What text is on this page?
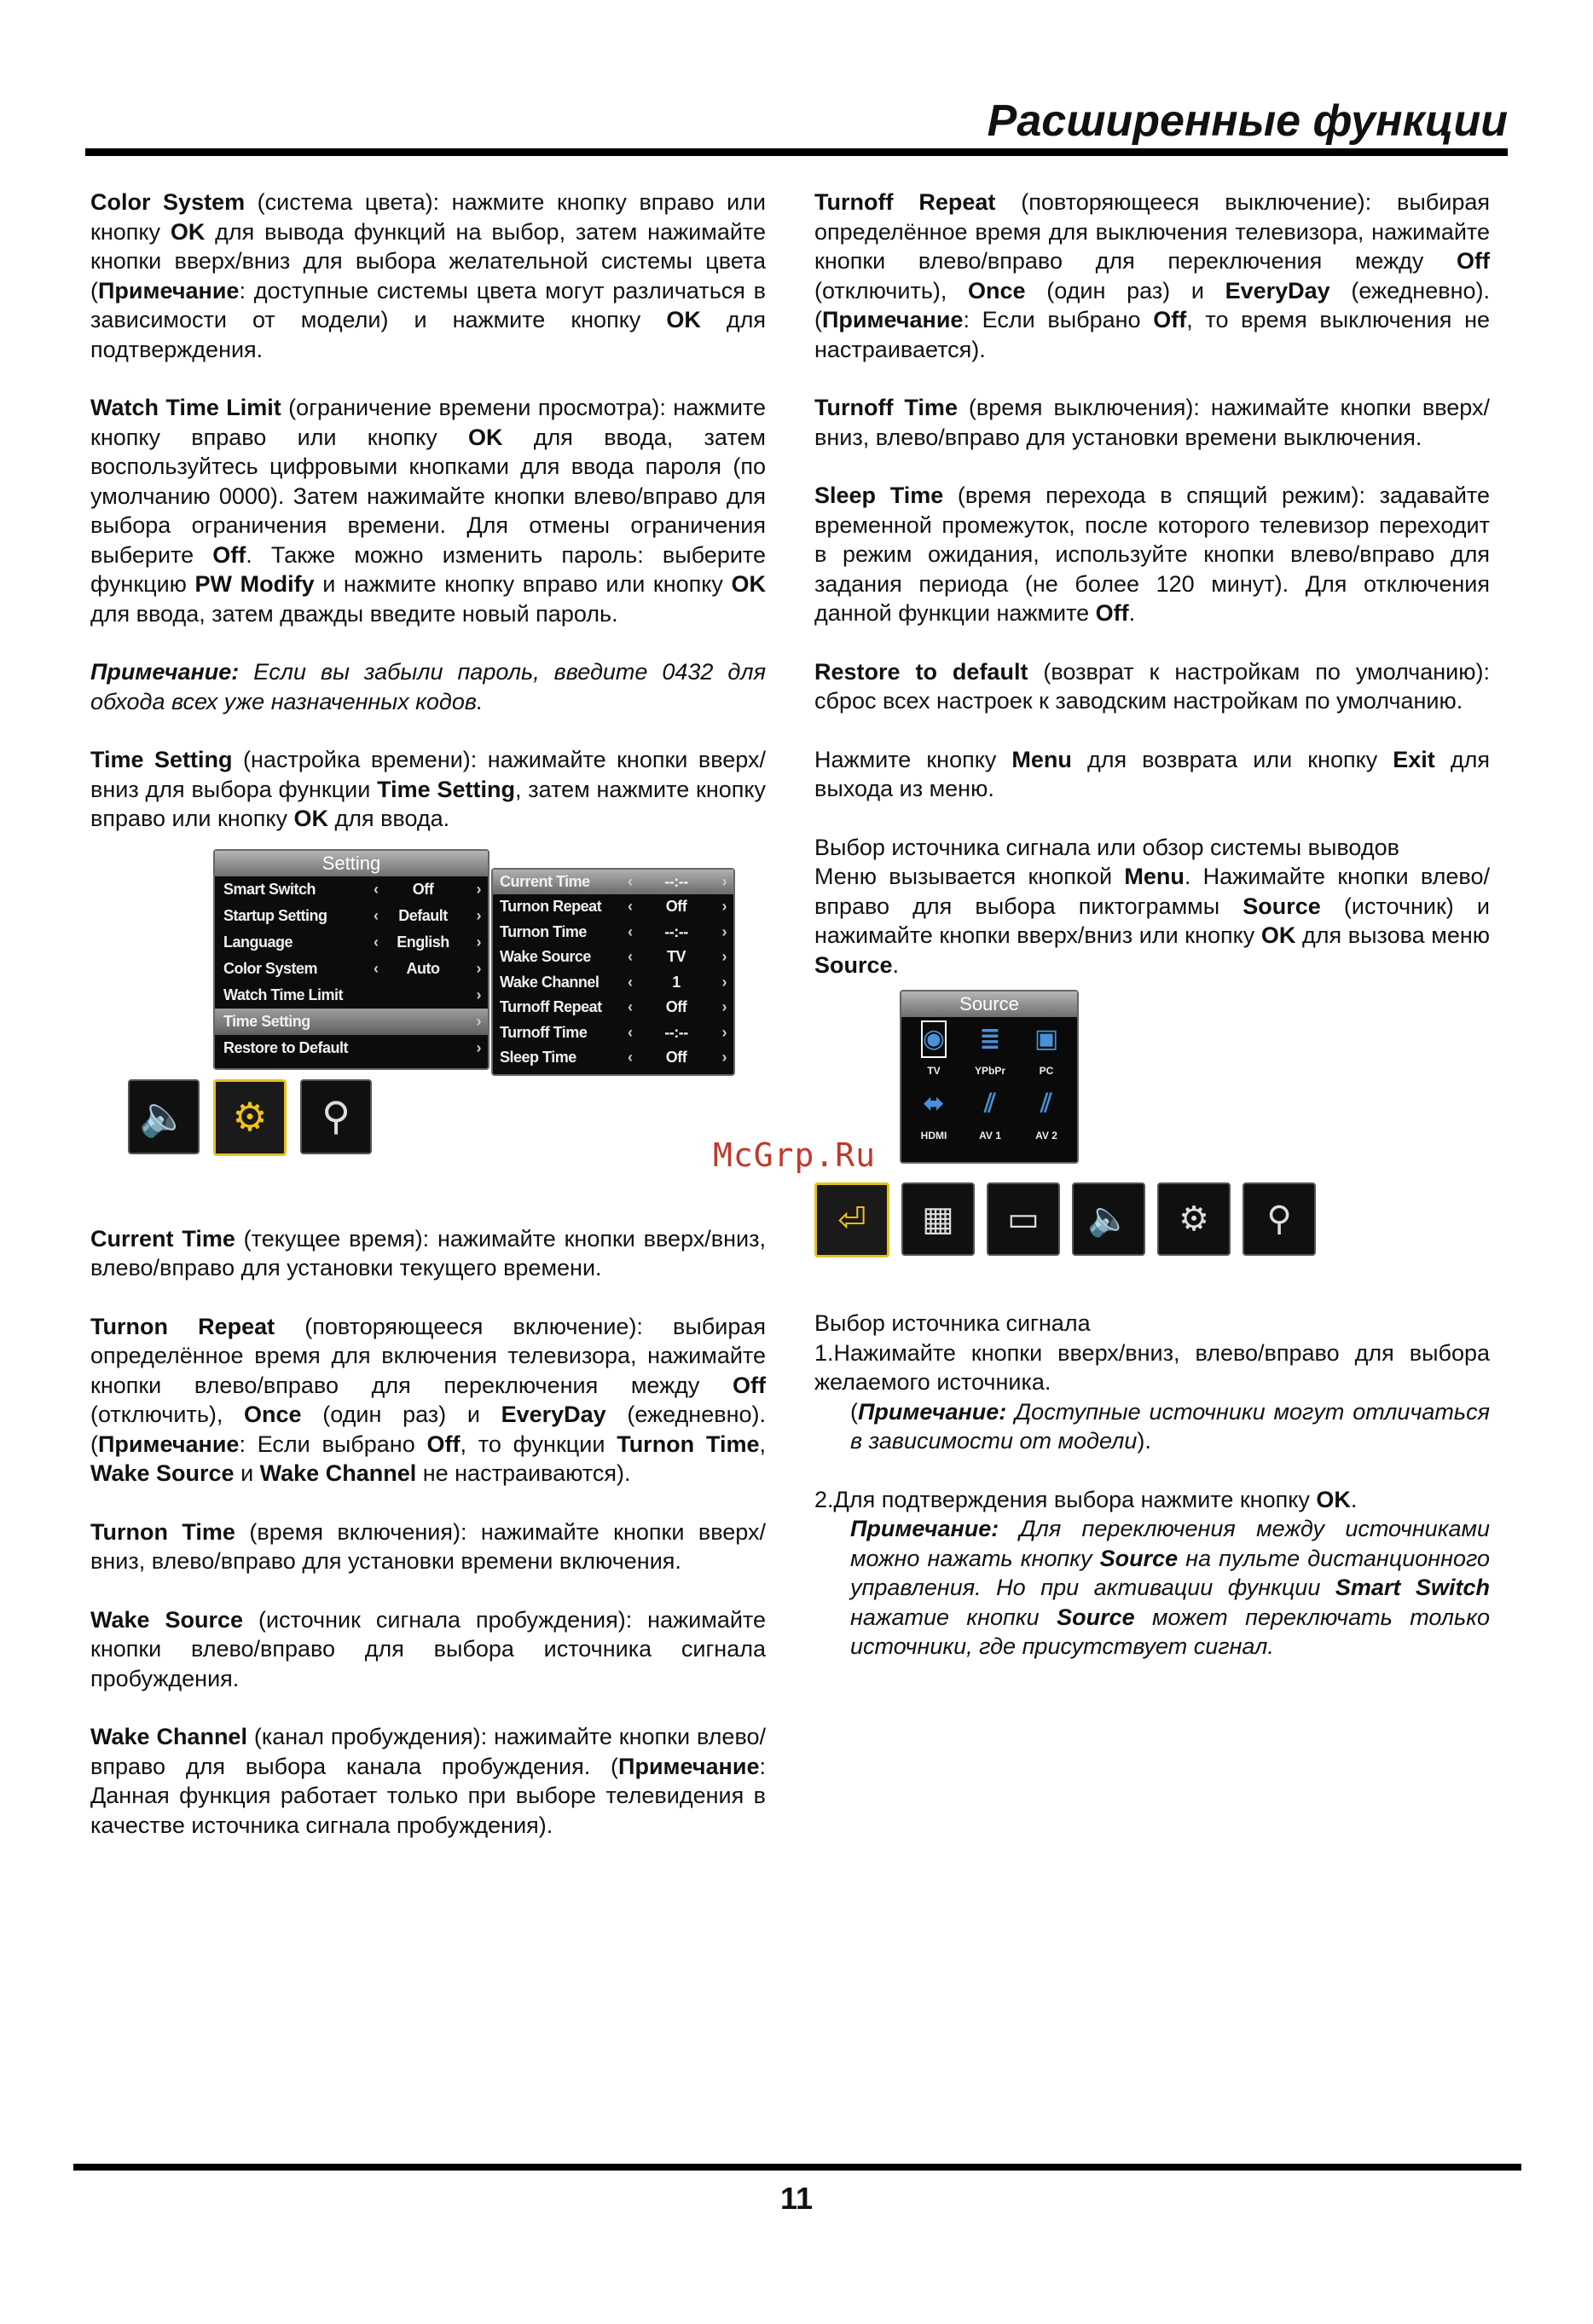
Расширенные функции
McGrp.Ru

Color System (система цвета): нажмите кнопку вправо или кнопку OK для вывода функций на выбор, затем нажимайте кнопки вверх/вниз для выбора желательной системы цвета (Примечание: доступные системы цвета могут различаться в зависимости от модели) и нажмите кнопку OK для подтверждения.

Watch Time Limit (ограничение времени просмотра): нажмите кнопку вправо или кнопку OK для ввода, затем воспользуйтесь цифровыми кнопками для ввода пароля (по умолчанию 0000). Затем нажимайте кнопки влево/вправо для выбора ограничения времени. Для отмены ограничения выберите Off. Также можно изменить пароль: выберите функцию PW Modify и нажмите кнопку вправо или кнопку OK для ввода, затем дважды введите новый пароль.

Примечание: Если вы забыли пароль, введите 0432 для обхода всех уже назначенных кодов.

Time Setting (настройка времени): нажимайте кнопки вверх/вниз для выбора функции Time Setting, затем нажмите кнопку вправо или кнопку OK для ввода.

Setting
Smart Switch	‹	Off	›
Startup Setting	‹	Default	›
Language	‹	English	›
Color System	‹	Auto	›
Watch Time Limit	›
Time Setting	›
Restore to Default	›
Current Time ‹	--:--	›
Turnon Repeat ‹	Off	›
Turnon Time	‹	--:--	›
Wake Source ‹	TV	›
Wake Channel ‹	1	›
Turnoff Repeat ‹	Off	›
Turnoff Time	‹	--:--	›
Sleep Time	‹	Off	›
🔈	⚙	⚲

Current Time (текущее время): нажимайте кнопки вверх/вниз, влево/вправо для установки текущего времени.

Turnon Repeat (повторяющееся включение): выбирая определённое время для включения телевизора, нажимайте кнопки влево/вправо для переключения между Off (отключить), Once (один раз) и EveryDay (ежедневно). (Примечание: Если выбрано Off, то функции Turnon Time, Wake Source и Wake Channel не настраиваются).

Turnon Time (время включения): нажимайте кнопки вверх/вниз, влево/вправо для установки времени включения.

Wake Source (источник сигнала пробуждения): нажимайте кнопки влево/вправо для выбора источника сигнала пробуждения.

Wake Channel (канал пробуждения): нажимайте кнопки влево/вправо для выбора канала пробуждения. (Примечание: Данная функция работает только при выборе телевидения в качестве источника сигнала пробуждения).

Turnoff Repeat (повторяющееся выключение): выбирая определённое время для выключения телевизора, нажимайте кнопки влево/вправо для переключения между Off (отключить), Once (один раз) и EveryDay (ежедневно). (Примечание: Если выбрано Off, то время выключения не настраивается).

Turnoff Time (время выключения): нажимайте кнопки вверх/вниз, влево/вправо для установки времени выключения.

Sleep Time (время перехода в спящий режим): задавайте временной промежуток, после которого телевизор переходит в режим ожидания, используйте кнопки влево/вправо для задания периода (не более 120 минут). Для отключения данной функции нажмите Off.

Restore to default (возврат к настройкам по умолчанию): сброс всех настроек к заводским настройкам по умолчанию.

Нажмите кнопку Menu для возврата или кнопку Exit для выхода из меню.

Выбор источника сигнала или обзор системы выводов
Меню вызывается кнопкой Menu. Нажимайте кнопки влево/вправо для выбора пиктограммы Source (источник) и нажимайте кнопки вверх/вниз или кнопку OK для вызова меню Source.

Source
◉
TV
≣
YPbPr
▣
PC
⬌
HDMI
⫽
AV 1
⫽
AV 2
⏎	▦	▭	🔈	⚙	⚲

Выбор источника сигнала

1.Нажимайте кнопки вверх/вниз, влево/вправо для выбора желаемого источника.

(Примечание: Доступные источники могут отличаться в зависимости от модели).

2.Для подтверждения выбора нажмите кнопку OK.

Примечание: Для переключения между источниками можно нажать кнопку Source на пульте дистанционного управления. Но при активации функции Smart Switch нажатие кнопки Source может переключать только источники, где присутствует сигнал.

11
